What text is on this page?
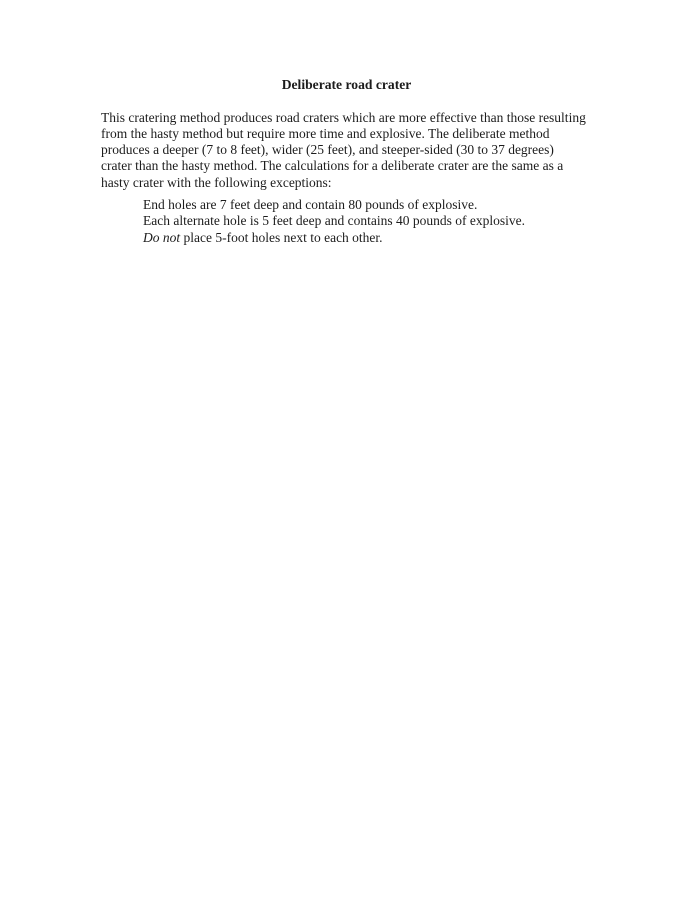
Deliberate road crater
This cratering method produces road craters which are more effective than those resulting
from the hasty method but require more time and explosive. The deliberate method
produces a deeper (7 to 8 feet), wider (25 feet), and steeper-sided (30 to 37 degrees)
crater than the hasty method. The calculations for a deliberate crater are the same as a
hasty crater with the following exceptions:
End holes are 7 feet deep and contain 80 pounds of explosive.
Each alternate hole is 5 feet deep and contains 40 pounds of explosive.
Do not place 5-foot holes next to each other.
